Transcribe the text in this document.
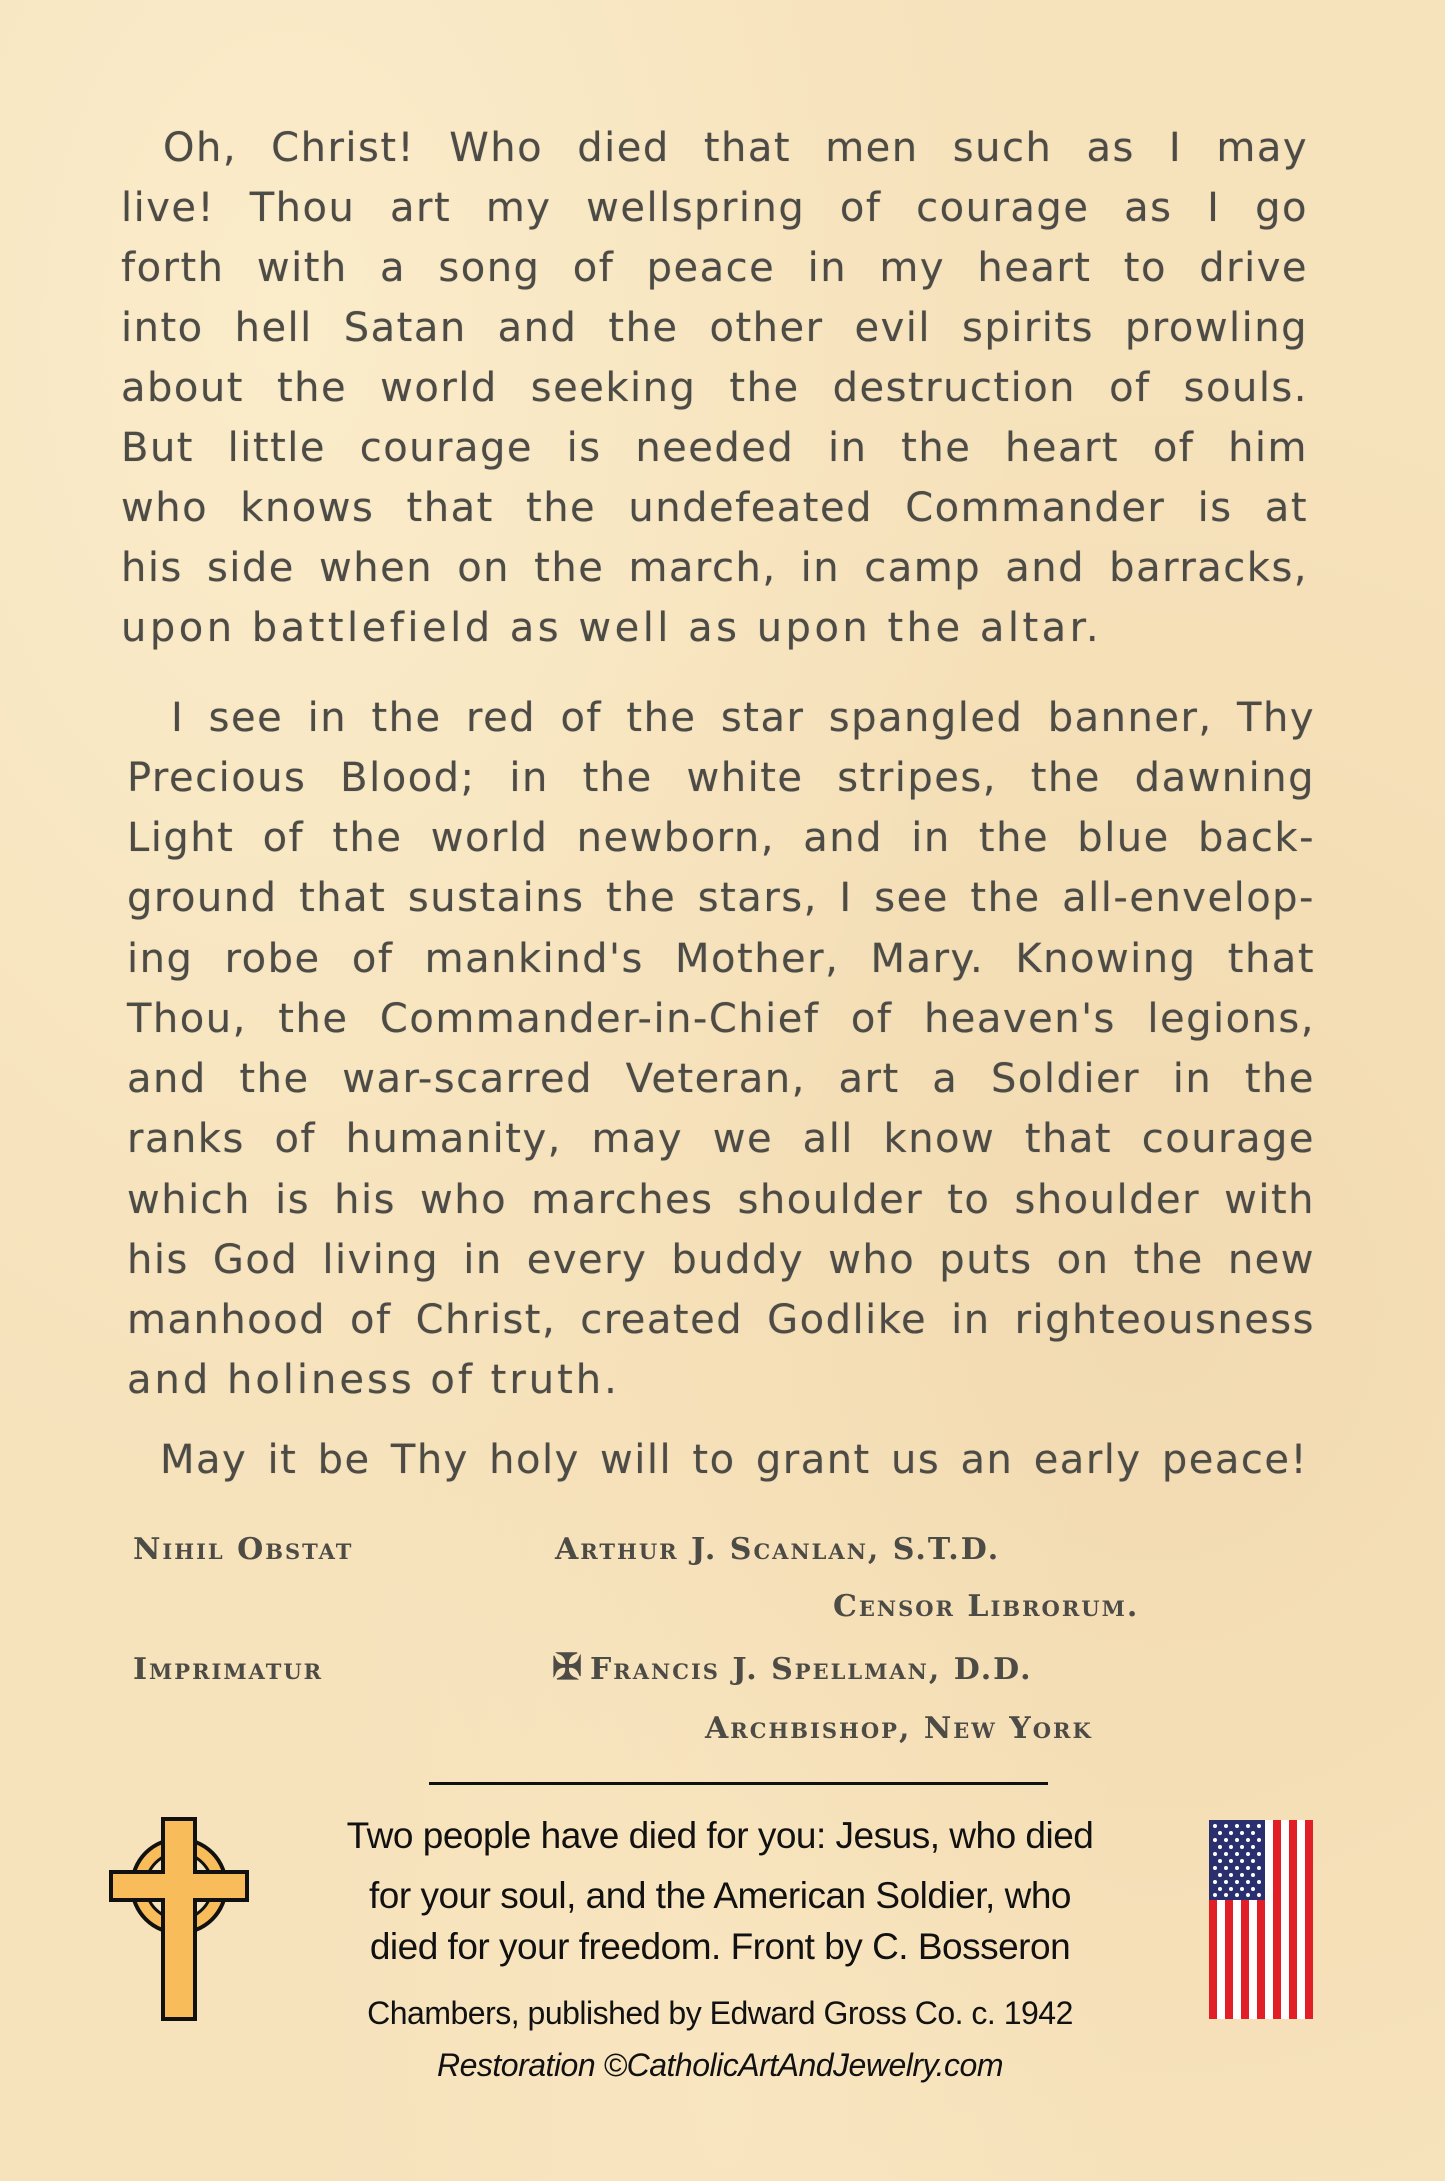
Oh, Christ! Who died that men such as I may
live! Thou art my wellspring of courage as I go
forth with a song of peace in my heart to drive
into hell Satan and the other evil spirits prowling
about the world seeking the destruction of souls.
But little courage is needed in the heart of him
who knows that the undefeated Commander is at
his side when on the march, in camp and barracks,
upon battlefield as well as upon the altar.
I see in the red of the star spangled banner, Thy
Precious Blood; in the white stripes, the dawning
Light of the world newborn, and in the blue back-
ground that sustains the stars, I see the all-envelop-
ing robe of mankind's Mother, Mary. Knowing that
Thou, the Commander-in-Chief of heaven's legions,
and the war-scarred Veteran, art a Soldier in the
ranks of humanity, may we all know that courage
which is his who marches shoulder to shoulder with
his God living in every buddy who puts on the new
manhood of Christ, created Godlike in righteousness
and holiness of truth.
May it be Thy holy will to grant us an early peace!
Nihil Obstat	Arthur J. Scanlan, S.T.D.
Censor Librorum.
Imprimatur	✠ Francis J. Spellman, D.D.
Archbishop, New York
Two people have died for you: Jesus, who died
for your soul, and the American Soldier, who
died for your freedom. Front by C. Bosseron
Chambers, published by Edward Gross Co. c. 1942
Restoration ©CatholicArtAndJewelry.com
